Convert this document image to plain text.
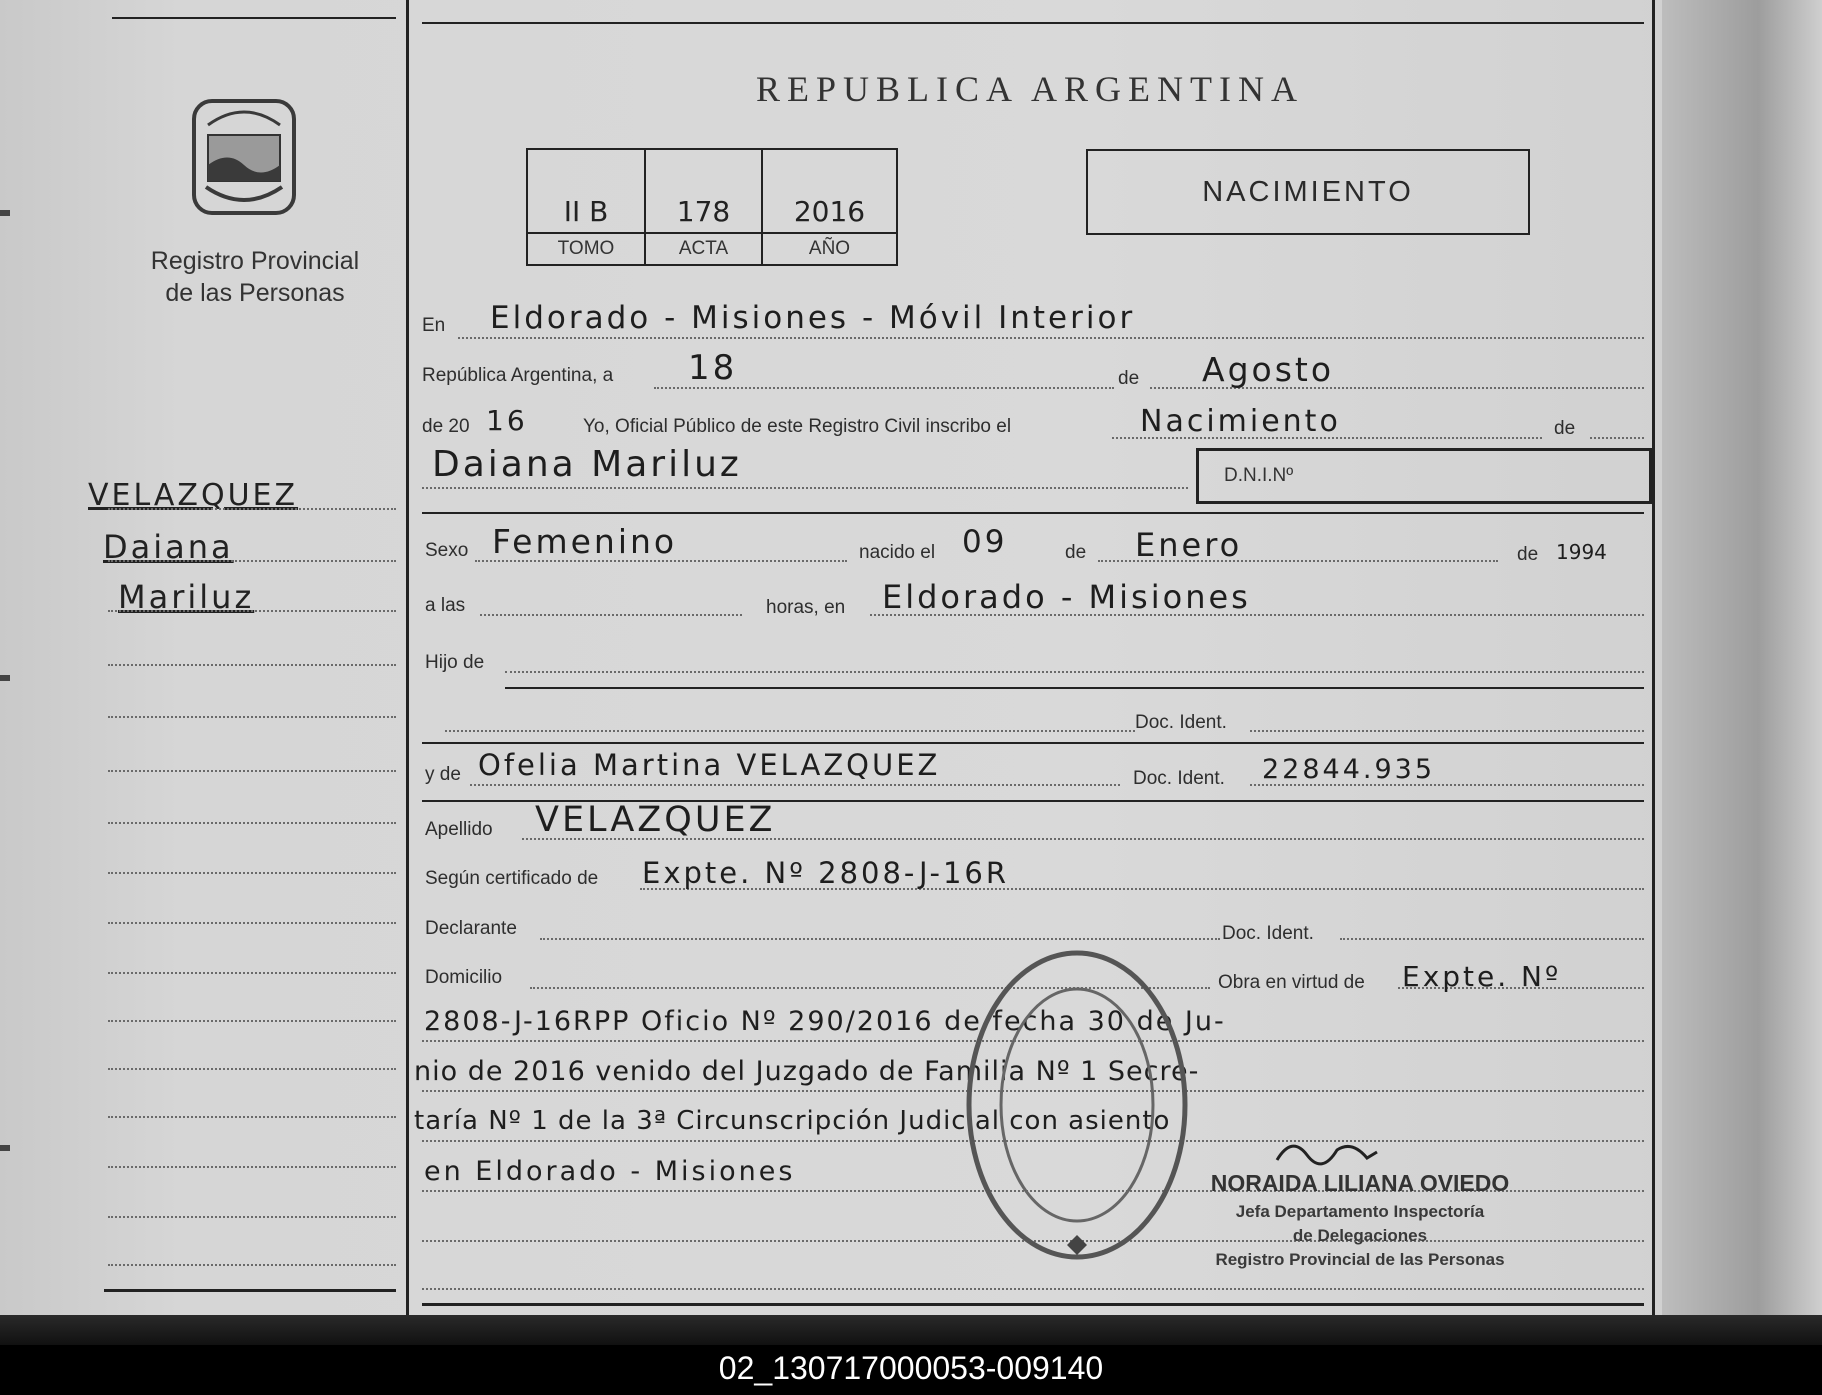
Registro Provincial
de las Personas
VELAZQUEZ
Daiana
Mariluz
REPUBLICA ARGENTINA
II B	178	2016
TOMO	ACTA	AÑO
NACIMIENTO
En Eldorado - Misiones - Móvil Interior
República Argentina, a 18	de Agosto
de 20 16	Yo, Oficial Público de este Registro Civil inscribo el	Nacimiento	de
Daiana Mariluz	D.N.I.Nº
Sexo Femenino	nacido el 09	de Enero	de 1994
a las	horas, en Eldorado - Misiones
Hijo de
Doc. Ident.
y de Ofelia Martina VELAZQUEZ	Doc. Ident. 22844.935
Apellido VELAZQUEZ
Según certificado de Expte. Nº 2808-J-16R
Declarante	Doc. Ident.
Domicilio	Obra en virtud de Expte. Nº
2808-J-16RPP Oficio Nº 290/2016 de fecha 30 de Ju-
nio de 2016 venido del Juzgado de Familia Nº 1 Secre-
taría Nº 1 de la 3ª Circunscripción Judicial con asiento
en Eldorado - Misiones	NORAIDA LILIANA OVIEDO
Jefa Departamento Inspectoría
de Delegaciones
Registro Provincial de las Personas
02_130717000053-009140
